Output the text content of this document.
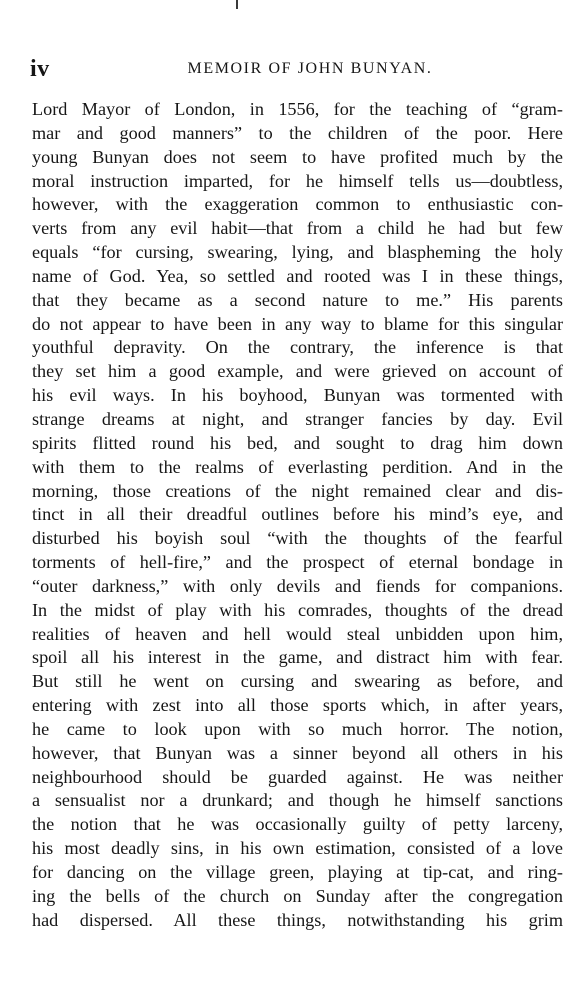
iv	MEMOIR OF JOHN BUNYAN.
Lord Mayor of London, in 1556, for the teaching of “gram-
mar and good manners” to the children of the poor. Here
young Bunyan does not seem to have profited much by the
moral instruction imparted, for he himself tells us—doubtless,
however, with the exaggeration common to enthusiastic con-
verts from any evil habit—that from a child he had but few
equals “for cursing, swearing, lying, and blaspheming the holy
name of God. Yea, so settled and rooted was I in these things,
that they became as a second nature to me.” His parents
do not appear to have been in any way to blame for this singular
youthful depravity. On the contrary, the inference is that
they set him a good example, and were grieved on account of
his evil ways. In his boyhood, Bunyan was tormented with
strange dreams at night, and stranger fancies by day. Evil
spirits flitted round his bed, and sought to drag him down
with them to the realms of everlasting perdition. And in the
morning, those creations of the night remained clear and dis-
tinct in all their dreadful outlines before his mind’s eye, and
disturbed his boyish soul “with the thoughts of the fearful
torments of hell-fire,” and the prospect of eternal bondage in
“outer darkness,” with only devils and fiends for companions.
In the midst of play with his comrades, thoughts of the dread
realities of heaven and hell would steal unbidden upon him,
spoil all his interest in the game, and distract him with fear.
But still he went on cursing and swearing as before, and
entering with zest into all those sports which, in after years,
he came to look upon with so much horror. The notion,
however, that Bunyan was a sinner beyond all others in his
neighbourhood should be guarded against. He was neither
a sensualist nor a drunkard; and though he himself sanctions
the notion that he was occasionally guilty of petty larceny,
his most deadly sins, in his own estimation, consisted of a love
for dancing on the village green, playing at tip-cat, and ring-
ing the bells of the church on Sunday after the congregation
had dispersed. All these things, notwithstanding his grim
